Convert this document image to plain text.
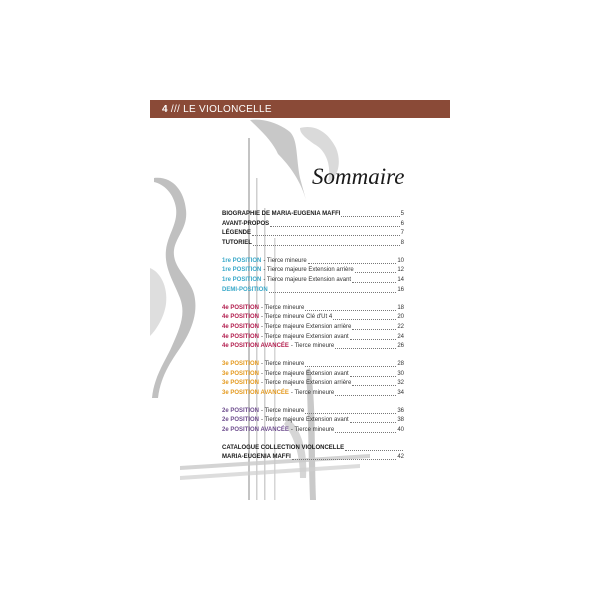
4 /// LE VIOLONCELLE
Sommaire
BIOGRAPHIE DE MARIA-EUGENIA MAFFI	5
AVANT-PROPOS	6
LÉGENDE	7
TUTORIEL	8
1re POSITION - Tierce mineure	10
1re POSITION - Tierce majeure Extension arrière	12
1re POSITION - Tierce majeure Extension avant	14
DEMI-POSITION	16
4e POSITION - Tierce mineure	18
4e POSITION - Tierce mineure Clé d'Ut 4	20
4e POSITION - Tierce majeure Extension arrière	22
4e POSITION - Tierce majeure Extension avant	24
4e POSITION AVANCÉE - Tierce mineure	26
3e POSITION - Tierce mineure	28
3e POSITION - Tierce majeure Extension avant	30
3e POSITION - Tierce majeure Extension arrière	32
3e POSITION AVANCÉE - Tierce mineure	34
2e POSITION - Tierce mineure	36
2e POSITION - Tierce majeure Extension avant	38
2e POSITION AVANCÉE - Tierce mineure	40
CATALOGUE COLLECTION VIOLONCELLE
MARIA-EUGENIA MAFFI	42
